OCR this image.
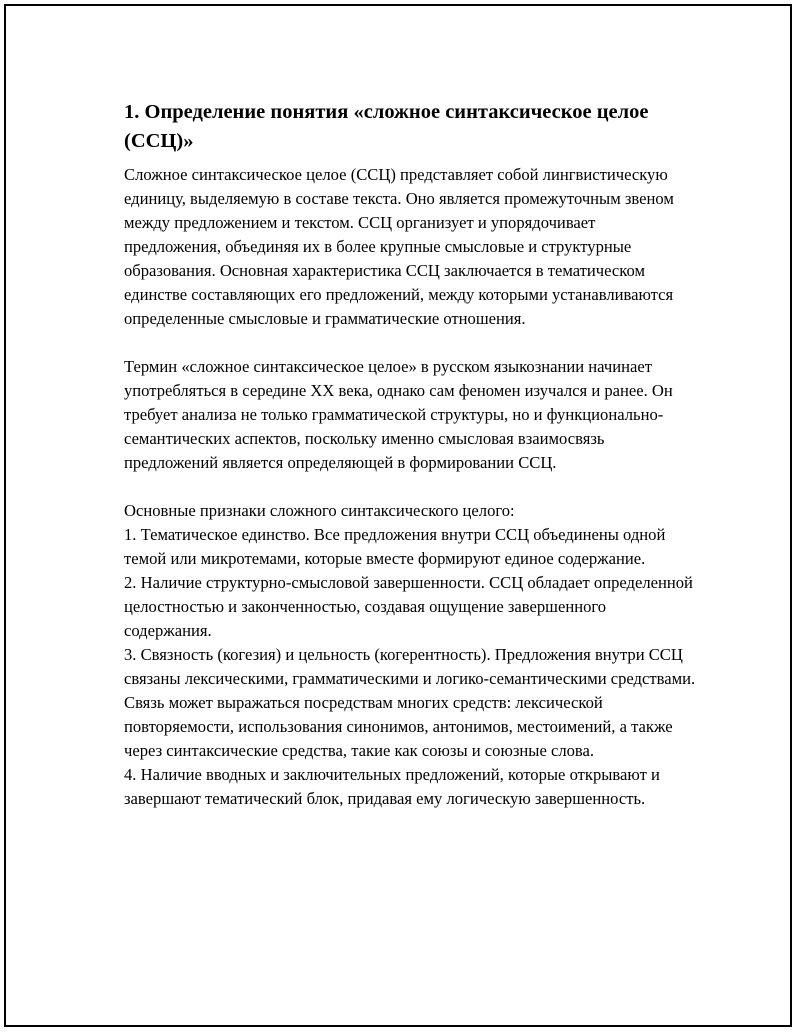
1. Определение понятия «сложное синтаксическое целое (ССЦ)»

Сложное синтаксическое целое (ССЦ) представляет собой лингвистическую единицу, выделяемую в составе текста. Оно является промежуточным звеном между предложением и текстом. ССЦ организует и упорядочивает предложения, объединяя их в более крупные смысловые и структурные образования. Основная характеристика ССЦ заключается в тематическом единстве составляющих его предложений, между которыми устанавливаются определенные смысловые и грамматические отношения.

Термин «сложное синтаксическое целое» в русском языкознании начинает употребляться в середине XX века, однако сам феномен изучался и ранее. Он требует анализа не только грамматической структуры, но и функционально-семантических аспектов, поскольку именно смысловая взаимосвязь предложений является определяющей в формировании ССЦ.

Основные признаки сложного синтаксического целого:

1. Тематическое единство. Все предложения внутри ССЦ объединены одной темой или микротемами, которые вместе формируют единое содержание.

2. Наличие структурно-смысловой завершенности. ССЦ обладает определенной целостностью и законченностью, создавая ощущение завершенного содержания.

3. Связность (когезия) и цельность (когерентность). Предложения внутри ССЦ связаны лексическими, грамматическими и логико-семантическими средствами. Связь может выражаться посредствам многих средств: лексической повторяемости, использования синонимов, антонимов, местоимений, а также через синтаксические средства, такие как союзы и союзные слова.

4. Наличие вводных и заключительных предложений, которые открывают и завершают тематический блок, придавая ему логическую завершенность.
